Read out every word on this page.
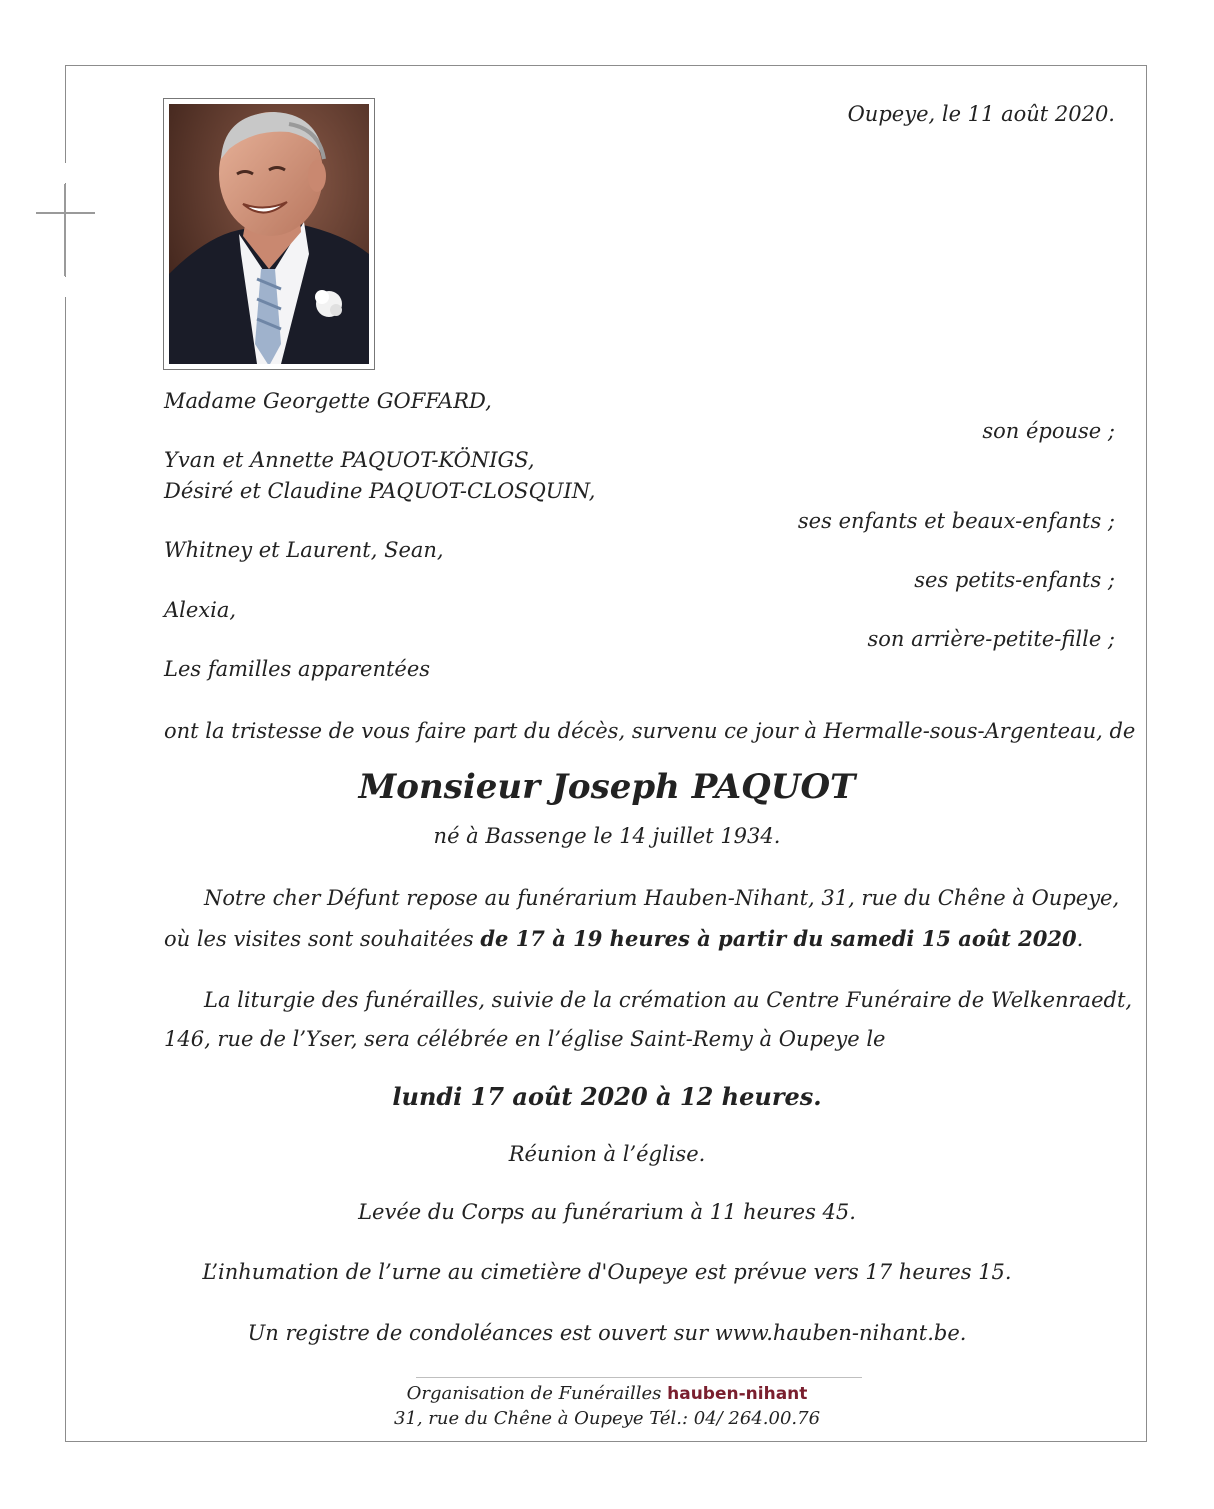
Oupeye, le 11 août 2020.
Madame Georgette GOFFARD,
son épouse ;
Yvan et Annette PAQUOT-KÖNIGS,
Désiré et Claudine PAQUOT-CLOSQUIN,
ses enfants et beaux-enfants ;
Whitney et Laurent, Sean,
ses petits-enfants ;
Alexia,
son arrière-petite-fille ;
Les familles apparentées
ont la tristesse de vous faire part du décès, survenu ce jour à Hermalle-sous-Argenteau, de
Monsieur Joseph PAQUOT
né à Bassenge le 14 juillet 1934.
Notre cher Défunt repose au funérarium Hauben-Nihant, 31, rue du Chêne à Oupeye,
où les visites sont souhaitées de 17 à 19 heures à partir du samedi 15 août 2020.
La liturgie des funérailles, suivie de la crémation au Centre Funéraire de Welkenraedt,
146, rue de l’Yser, sera célébrée en l’église Saint-Remy à Oupeye le
lundi 17 août 2020 à 12 heures.
Réunion à l’église.
Levée du Corps au funérarium à 11 heures 45.
L’inhumation de l’urne au cimetière d'Oupeye est prévue vers 17 heures 15.
Un registre de condoléances est ouvert sur www.hauben-nihant.be.
Organisation de Funérailles hauben-nihant
31, rue du Chêne à Oupeye Tél.: 04/ 264.00.76
